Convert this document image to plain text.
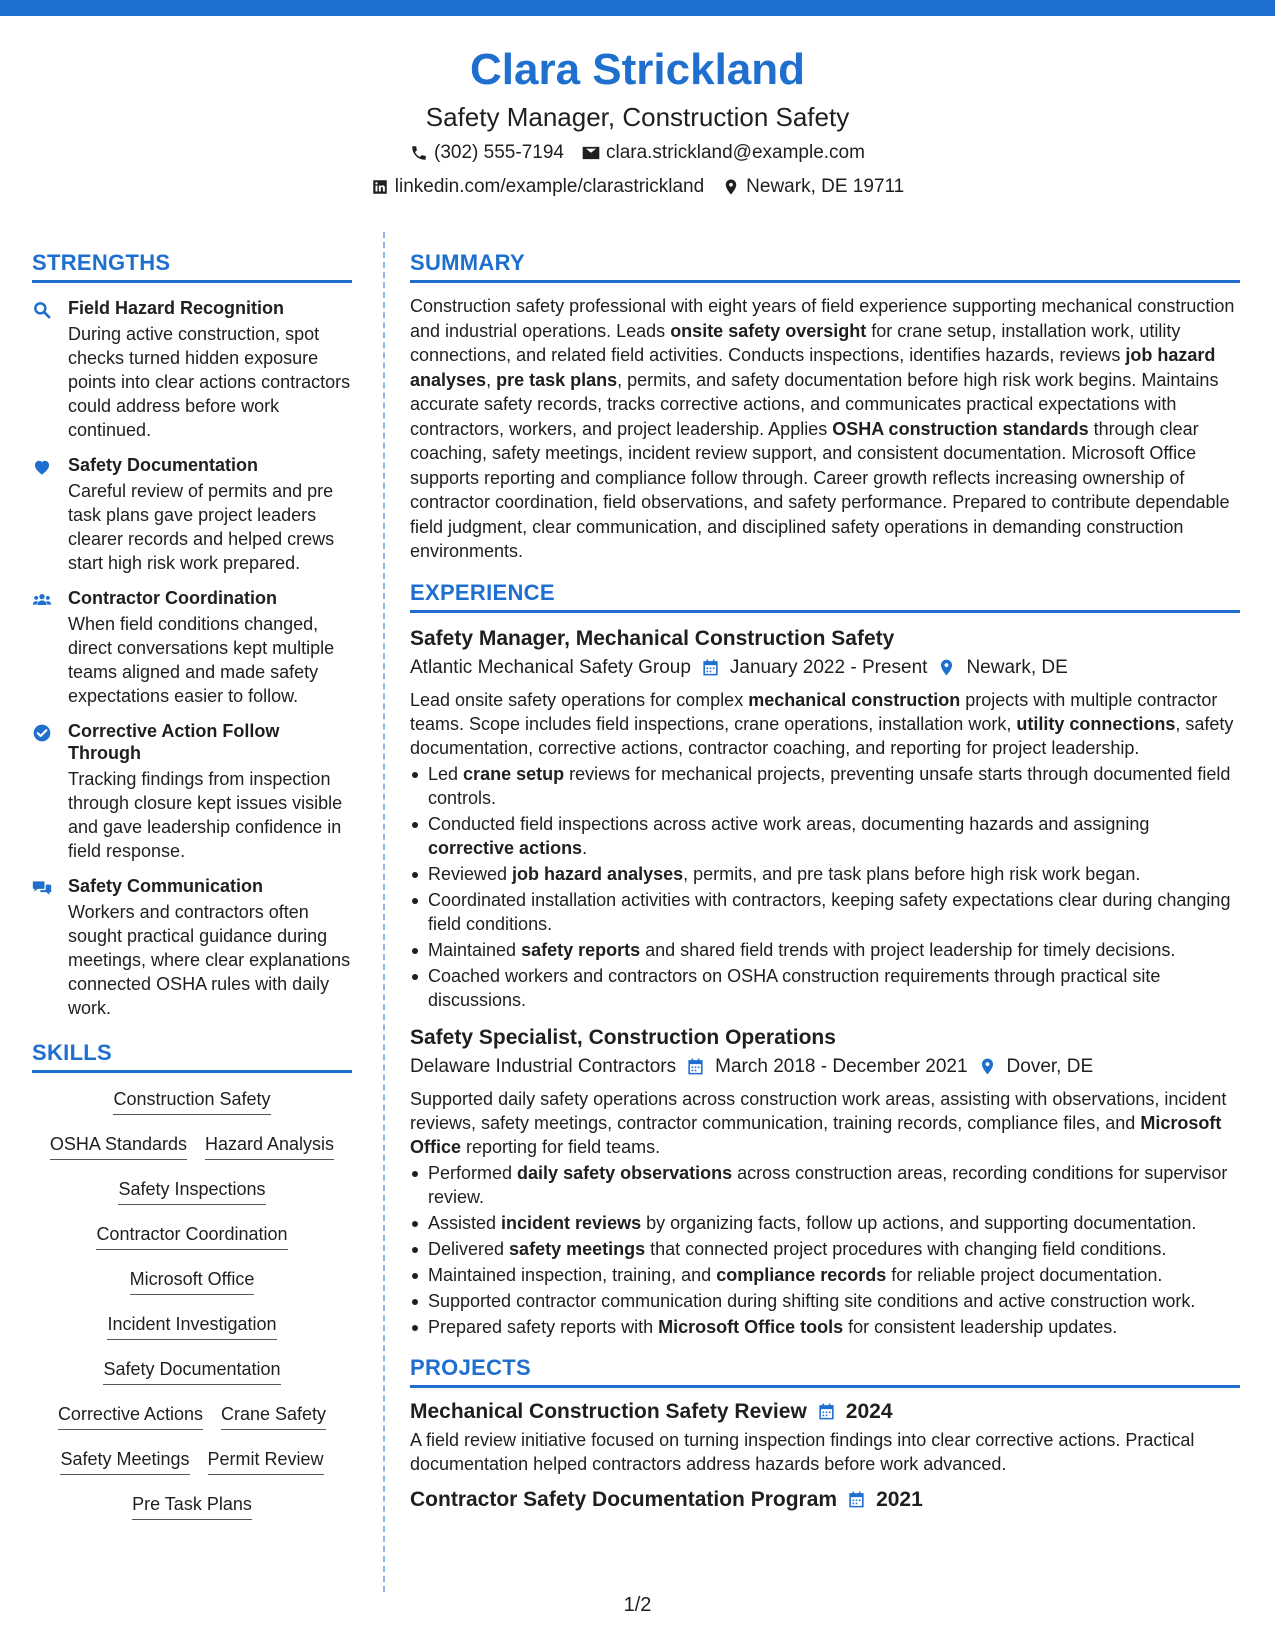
Clara Strickland
Safety Manager, Construction Safety
(302) 555-7194 clara.strickland@example.com
linkedin.com/example/clarastrickland Newark, DE 19711
STRENGTHS
Field Hazard Recognition
During active construction, spot checks turned hidden exposure points into clear actions contractors could address before work continued.
Safety Documentation
Careful review of permits and pre task plans gave project leaders clearer records and helped crews start high risk work prepared.
Contractor Coordination
When field conditions changed, direct conversations kept multiple teams aligned and made safety expectations easier to follow.
Corrective Action Follow Through
Tracking findings from inspection through closure kept issues visible and gave leadership confidence in field response.
Safety Communication
Workers and contractors often sought practical guidance during meetings, where clear explanations connected OSHA rules with daily work.
SKILLS
Construction Safety
OSHA Standards Hazard Analysis
Safety Inspections
Contractor Coordination
Microsoft Office
Incident Investigation
Safety Documentation
Corrective Actions Crane Safety
Safety Meetings Permit Review
Pre Task Plans
SUMMARY
Construction safety professional with eight years of field experience supporting mechanical construction and industrial operations. Leads onsite safety oversight for crane setup, installation work, utility connections, and related field activities. Conducts inspections, identifies hazards, reviews job hazard analyses, pre task plans, permits, and safety documentation before high risk work begins. Maintains accurate safety records, tracks corrective actions, and communicates practical expectations with contractors, workers, and project leadership. Applies OSHA construction standards through clear coaching, safety meetings, incident review support, and consistent documentation. Microsoft Office supports reporting and compliance follow through. Career growth reflects increasing ownership of contractor coordination, field observations, and safety performance. Prepared to contribute dependable field judgment, clear communication, and disciplined safety operations in demanding construction environments.
EXPERIENCE
Safety Manager, Mechanical Construction Safety
Atlantic Mechanical Safety Group January 2022 - Present Newark, DE
Lead onsite safety operations for complex mechanical construction projects with multiple contractor teams. Scope includes field inspections, crane operations, installation work, utility connections, safety documentation, corrective actions, contractor coaching, and reporting for project leadership.
Led crane setup reviews for mechanical projects, preventing unsafe starts through documented field controls.
Conducted field inspections across active work areas, documenting hazards and assigning corrective actions.
Reviewed job hazard analyses, permits, and pre task plans before high risk work began.
Coordinated installation activities with contractors, keeping safety expectations clear during changing field conditions.
Maintained safety reports and shared field trends with project leadership for timely decisions.
Coached workers and contractors on OSHA construction requirements through practical site discussions.
Safety Specialist, Construction Operations
Delaware Industrial Contractors March 2018 - December 2021 Dover, DE
Supported daily safety operations across construction work areas, assisting with observations, incident reviews, safety meetings, contractor communication, training records, compliance files, and Microsoft Office reporting for field teams.
Performed daily safety observations across construction areas, recording conditions for supervisor review.
Assisted incident reviews by organizing facts, follow up actions, and supporting documentation.
Delivered safety meetings that connected project procedures with changing field conditions.
Maintained inspection, training, and compliance records for reliable project documentation.
Supported contractor communication during shifting site conditions and active construction work.
Prepared safety reports with Microsoft Office tools for consistent leadership updates.
PROJECTS
Mechanical Construction Safety Review 2024
A field review initiative focused on turning inspection findings into clear corrective actions. Practical documentation helped contractors address hazards before work advanced.
Contractor Safety Documentation Program 2021
1/2
